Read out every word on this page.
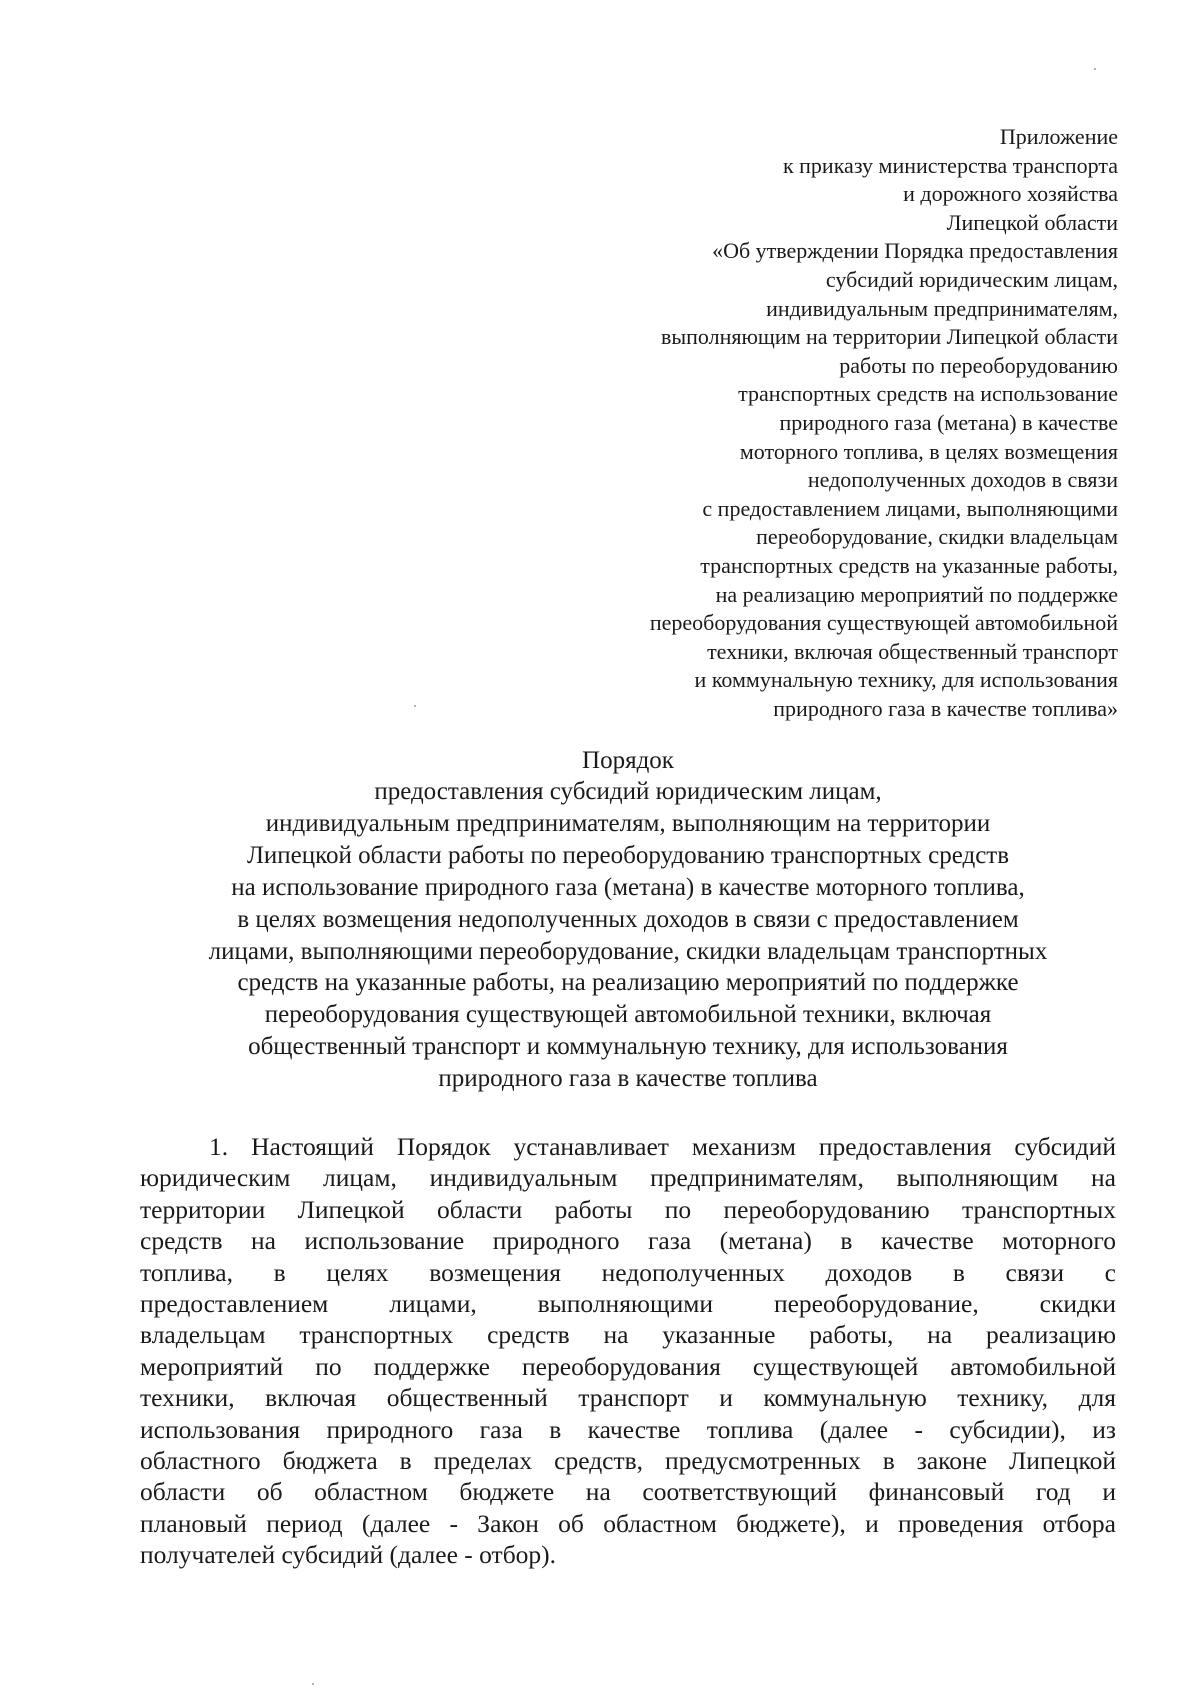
Приложение
к приказу министерства транспорта
и дорожного хозяйства
Липецкой области
«Об утверждении Порядка предоставления
субсидий юридическим лицам,
индивидуальным предпринимателям,
выполняющим на территории Липецкой области
работы по переоборудованию
транспортных средств на использование
природного газа (метана) в качестве
моторного топлива, в целях возмещения
недополученных доходов в связи
с предоставлением лицами, выполняющими
переоборудование, скидки владельцам
транспортных средств на указанные работы,
на реализацию мероприятий по поддержке
переоборудования существующей автомобильной
техники, включая общественный транспорт
и коммунальную технику, для использования
природного газа в качестве топлива»
Порядок
предоставления субсидий юридическим лицам,
индивидуальным предпринимателям, выполняющим на территории
Липецкой области работы по переоборудованию транспортных средств
на использование природного газа (метана) в качестве моторного топлива,
в целях возмещения недополученных доходов в связи с предоставлением
лицами, выполняющими переоборудование, скидки владельцам транспортных
средств на указанные работы, на реализацию мероприятий по поддержке
переоборудования существующей автомобильной техники, включая
общественный транспорт и коммунальную технику, для использования
природного газа в качестве топлива
1. Настоящий Порядок устанавливает механизм предоставления субсидий
юридическим лицам, индивидуальным предпринимателям, выполняющим на
территории Липецкой области работы по переоборудованию транспортных
средств на использование природного газа (метана) в качестве моторного
топлива, в целях возмещения недополученных доходов в связи с
предоставлением лицами, выполняющими переоборудование, скидки
владельцам транспортных средств на указанные работы, на реализацию
мероприятий по поддержке переоборудования существующей автомобильной
техники, включая общественный транспорт и коммунальную технику, для
использования природного газа в качестве топлива (далее - субсидии), из
областного бюджета в пределах средств, предусмотренных в законе Липецкой
области об областном бюджете на соответствующий финансовый год и
плановый период (далее - Закон об областном бюджете), и проведения отбора
получателей субсидий (далее - отбор).
